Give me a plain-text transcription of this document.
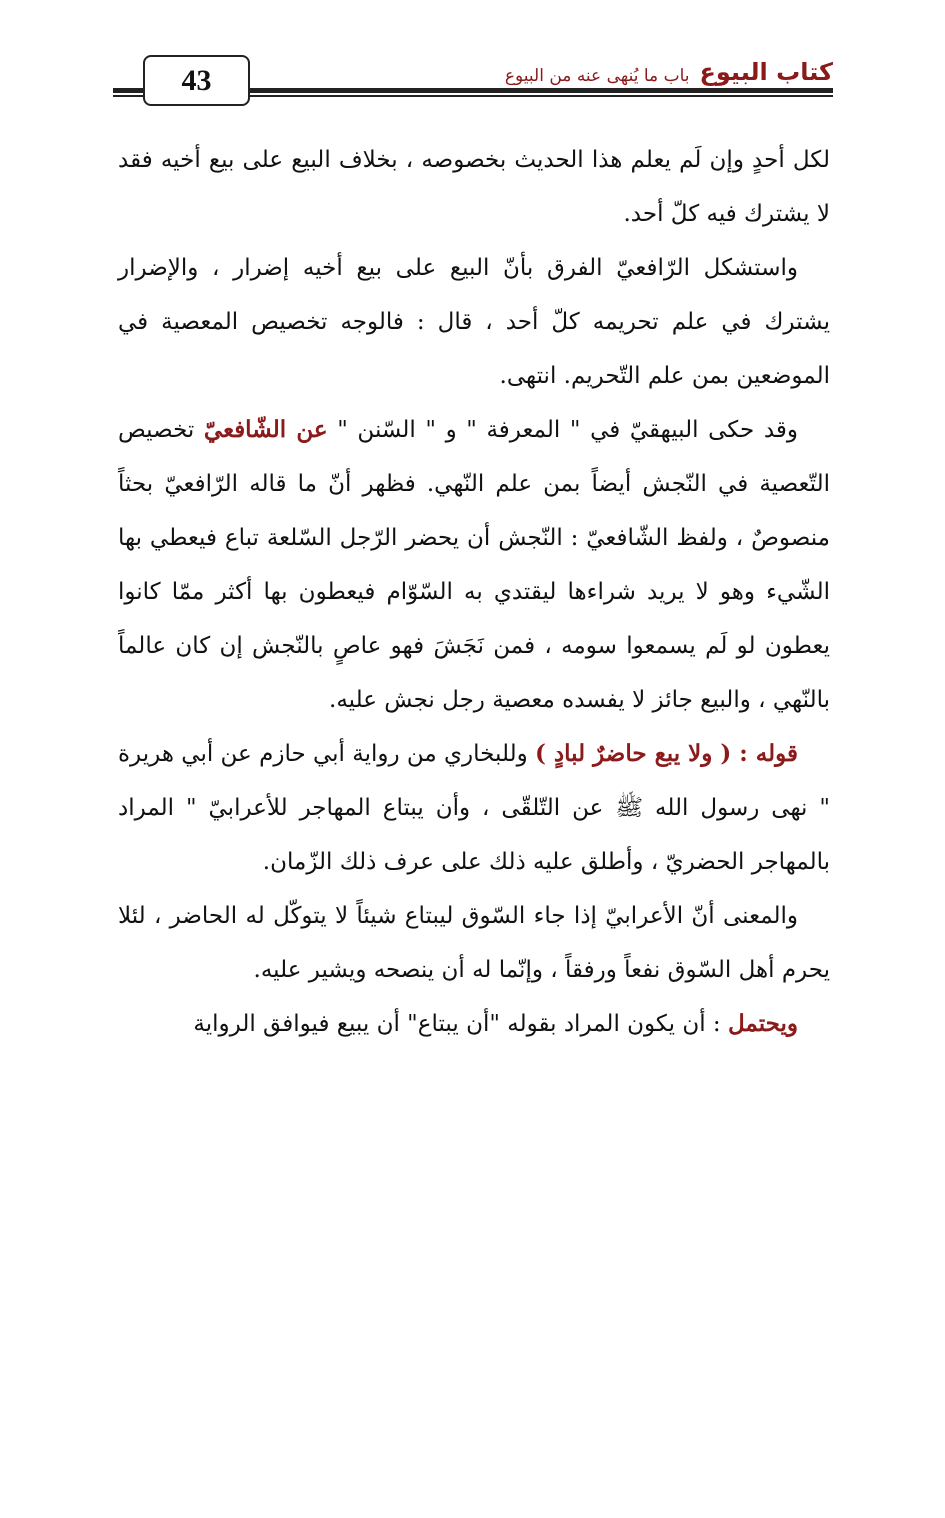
43	كتاب البيوع
باب ما يُنهى عنه من البيوع

لكل أحدٍ وإن لَم يعلم هذا الحديث بخصوصه ، بخلاف البيع على بيع أخيه فقد لا يشترك فيه كلّ أحد.

واستشكل الرّافعيّ الفرق بأنّ البيع على بيع أخيه إضرار ، والإضرار يشترك في علم تحريمه كلّ أحد ، قال : فالوجه تخصيص المعصية في الموضعين بمن علم التّحريم. انتهى.

وقد حكى البيهقيّ في " المعرفة " و " السّنن " عن الشّافعيّ تخصيص التّعصية في النّجش أيضاً بمن علم النّهي. فظهر أنّ ما قاله الرّافعيّ بحثاً منصوصٌ ، ولفظ الشّافعيّ : النّجش أن يحضر الرّجل السّلعة تباع فيعطي بها الشّيء وهو لا يريد شراءها ليقتدي به السّوّام فيعطون بها أكثر ممّا كانوا يعطون لو لَم يسمعوا سومه ، فمن نَجَشَ فهو عاصٍ بالنّجش إن كان عالماً بالنّهي ، والبيع جائز لا يفسده معصية رجل نجش عليه.

قوله : ( ولا يبع حاضرٌ لبادٍ ) وللبخاري من رواية أبي حازم عن أبي هريرة " نهى رسول الله ﷺ عن التّلقّى ، وأن يبتاع المهاجر للأعرابيّ " المراد بالمهاجر الحضريّ ، وأطلق عليه ذلك على عرف ذلك الزّمان.

والمعنى أنّ الأعرابيّ إذا جاء السّوق ليبتاع شيئاً لا يتوكّل له الحاضر ، لئلا يحرم أهل السّوق نفعاً ورفقاً ، وإنّما له أن ينصحه ويشير عليه.

ويحتمل : أن يكون المراد بقوله "أن يبتاع" أن يبيع فيوافق الرواية
